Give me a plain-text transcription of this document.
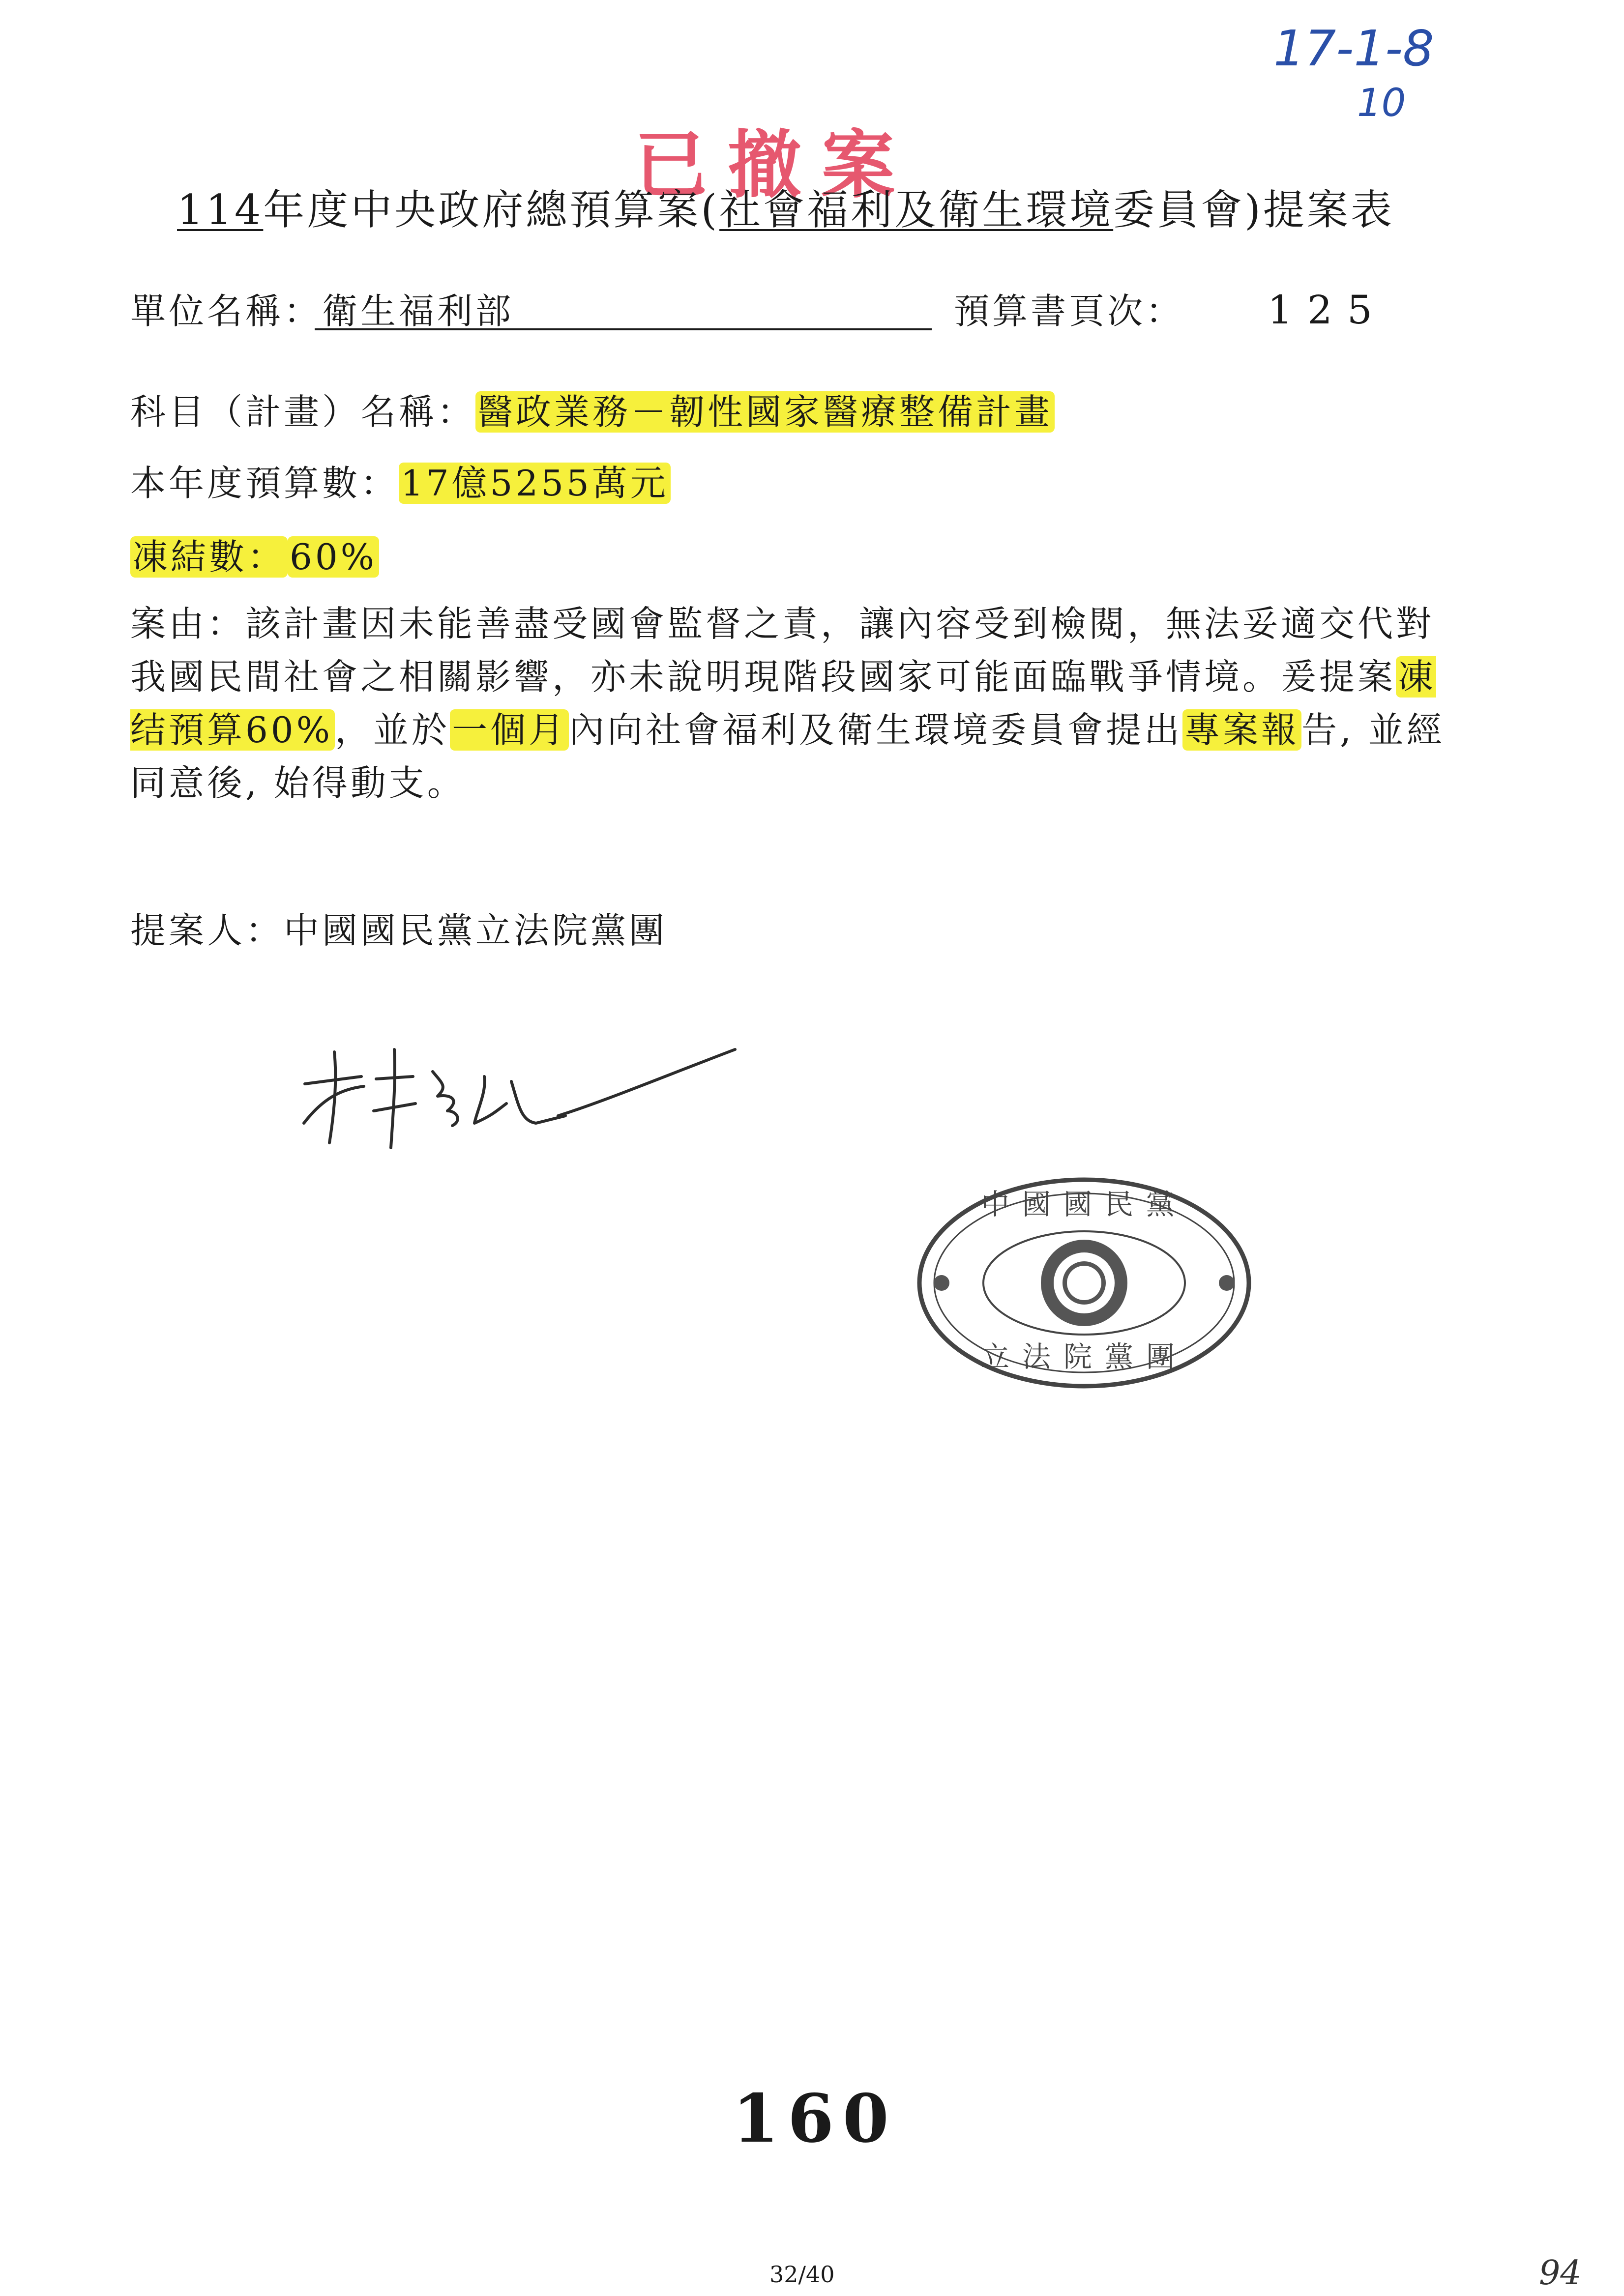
17-1-8
10
已撤案
114年度中央政府總預算案(社會福利及衛生環境委員會)提案表
單位名稱：衛生福利部	預算書頁次： 125
科目（計畫）名稱：醫政業務－韌性國家醫療整備計畫
本年度預算數：17億5255萬元
凍結數： 60%
案由：該計畫因未能善盡受國會監督之責，讓內容受到檢閱，無法妥適交代對我國民間社會之相關影響，亦未說明現階段國家可能面臨戰爭情境。爰提案凍结預算60%，並於一個月內向社會福利及衛生環境委員會提出專案報告, 並經同意後, 始得動支。
提案人：中國國民黨立法院黨團
中國國民黨
立法院黨團
160
32/40	94
